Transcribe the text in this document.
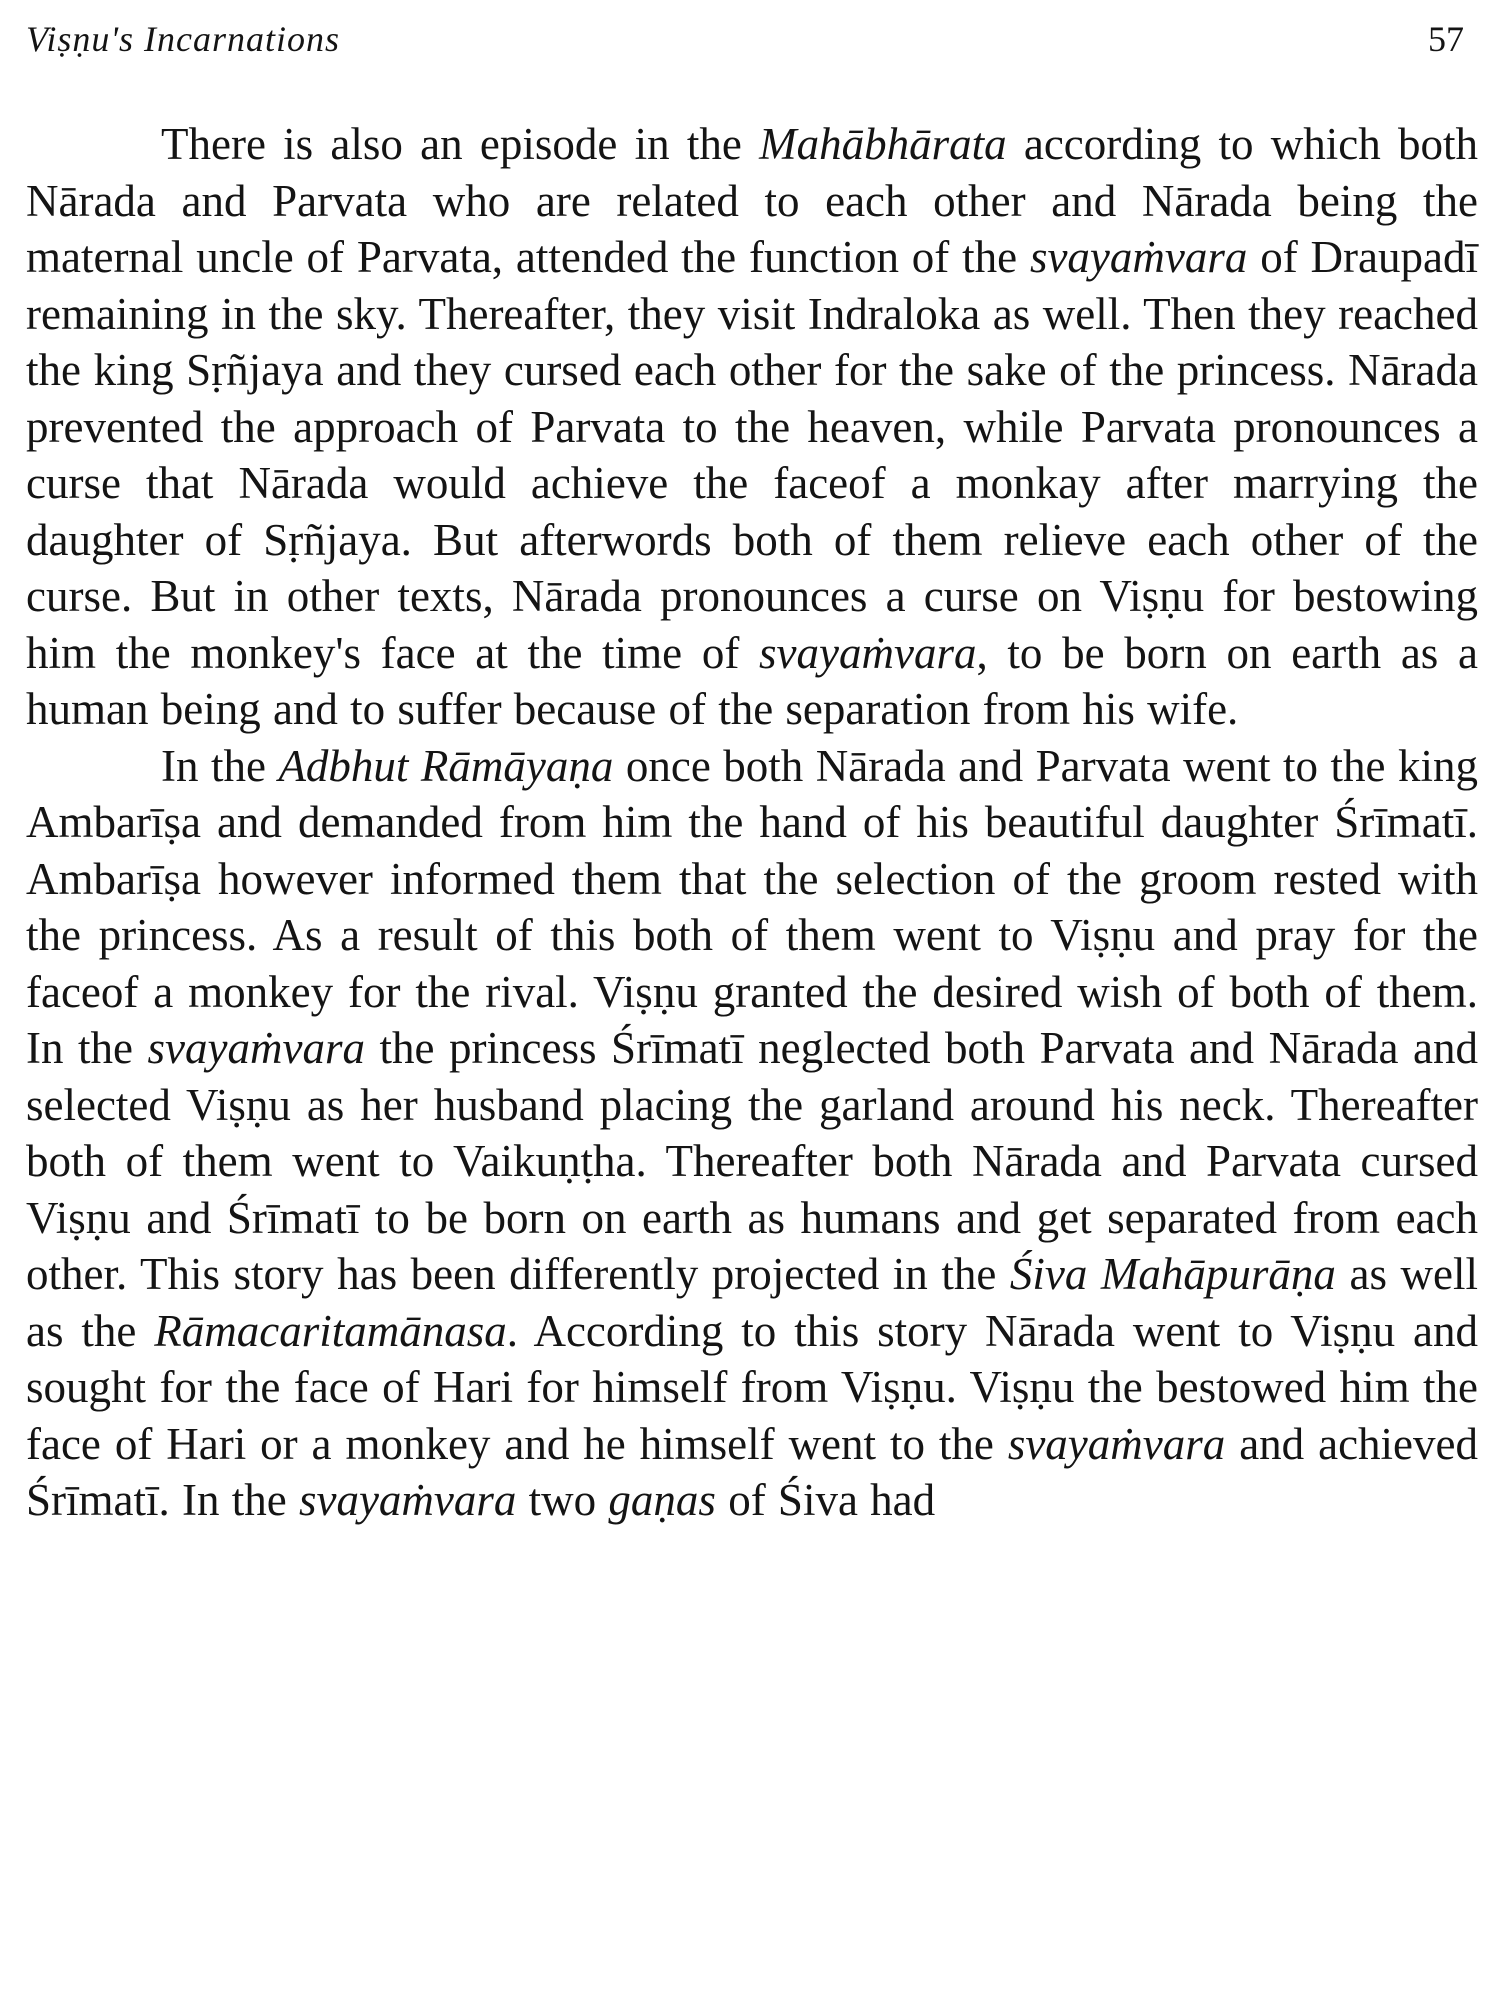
Viṣṇu's Incarnations	57

There is also an episode in the Mahābhārata according to which both Nārada and Parvata who are related to each other and Nārada being the maternal uncle of Parvata, attended the function of the svayaṁvara of Draupadī remaining in the sky. Thereafter, they visit Indraloka as well. Then they reached the king Sṛñjaya and they cursed each other for the sake of the princess. Nārada prevented the approach of Parvata to the heaven, while Parvata pronounces a curse that Nārada would achieve the faceof a monkay after marrying the daughter of Sṛñjaya. But afterwords both of them relieve each other of the curse. But in other texts, Nārada pronounces a curse on Viṣṇu for bestowing him the monkey's face at the time of svayaṁvara, to be born on earth as a human being and to suffer because of the separation from his wife.

In the Adbhut Rāmāyaṇa once both Nārada and Parvata went to the king Ambarīṣa and demanded from him the hand of his beautiful daughter Śrīmatī. Ambarīṣa however informed them that the selection of the groom rested with the princess. As a result of this both of them went to Viṣṇu and pray for the faceof a monkey for the rival. Viṣṇu granted the desired wish of both of them. In the svayaṁvara the princess Śrīmatī neglected both Parvata and Nārada and selected Viṣṇu as her husband placing the garland around his neck. Thereafter both of them went to Vaikuṇṭha. Thereafter both Nārada and Parvata cursed Viṣṇu and Śrīmatī to be born on earth as humans and get separated from each other. This story has been differently projected in the Śiva Mahāpurāṇa as well as the Rāmacaritamānasa. According to this story Nārada went to Viṣṇu and sought for the face of Hari for himself from Viṣṇu. Viṣṇu the bestowed him the face of Hari or a monkey and he himself went to the svayaṁvara and achieved Śrīmatī. In the svayaṁvara two gaṇas of Śiva had
